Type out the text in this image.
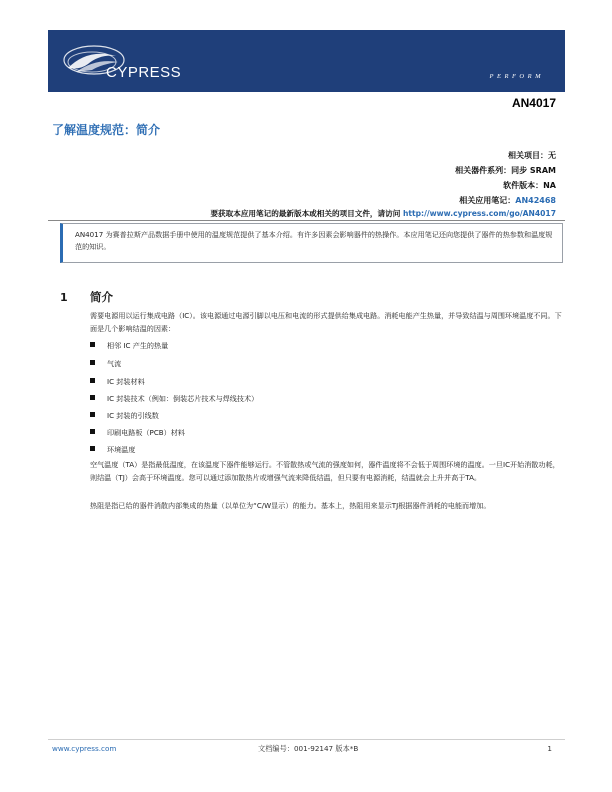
CYPRESS	PERFORM
AN4017
了解温度规范：简介
相关项目：无
相关器件系列：同步 SRAM
软件版本：NA
相关应用笔记：AN42468
要获取本应用笔记的最新版本或相关的项目文件，请访问 http://www.cypress.com/go/AN4017
AN4017 为赛普拉斯产品数据手册中使用的温度规范提供了基本介绍。有许多因素会影响器件的热操作。本应用笔记还向您提供了器件的热参数和温度规范的知识。
1 简介
需要电源用以运行集成电路（IC）。该电源通过电源引脚以电压和电流的形式提供给集成电路。消耗电能产生热量，并导致结温与周围环境温度不同。下面是几个影响结温的因素：
相邻 IC 产生的热量
气流
IC 封装材料
IC 封装技术（例如：倒装芯片技术与焊线技术）
IC 封装的引线数
印刷电路板（PCB）材料
环境温度
空气温度（TA）是指最低温度，在该温度下器件能够运行。不管散热或气流的强度如何，器件温度将不会低于周围环境的温度。一旦IC开始消散功耗，则结温（TJ）会高于环境温度。您可以通过添加散热片或增强气流来降低结温，但只要有电源消耗，结温就会上升并高于TA。
热阻是指已给的器件消散内部集成的热量（以单位为“C/W显示）的能力。基本上，热阻用来显示TJ根据器件消耗的电能而增加。
www.cypress.com	文档编号：001-92147 版本*B	1
